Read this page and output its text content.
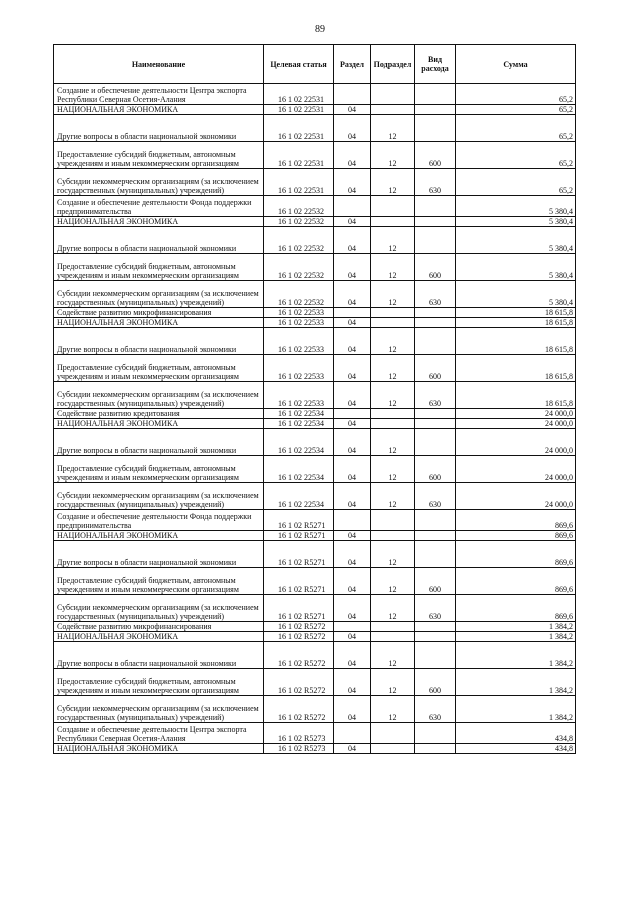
89
Наименование	Целевая статья	Раздел	Подраздел	Вид расхода	Сумма
Создание и обеспечение деятельности Центра экспорта Республики Северная Осетия-Алания	16 1 02 22531				65,2
НАЦИОНАЛЬНАЯ ЭКОНОМИКА	16 1 02 22531	04			65,2
Другие вопросы в области национальной экономики	16 1 02 22531	04	12		65,2
Предоставление субсидий бюджетным, автономным учреждениям и иным некоммерческим организациям	16 1 02 22531	04	12	600	65,2
Субсидии некоммерческим организациям (за исключением государственных (муниципальных) учреждений)	16 1 02 22531	04	12	630	65,2
Создание и обеспечение деятельности Фонда поддержки предпринимательства	16 1 02 22532				5 380,4
НАЦИОНАЛЬНАЯ ЭКОНОМИКА	16 1 02 22532	04			5 380,4
Другие вопросы в области национальной экономики	16 1 02 22532	04	12		5 380,4
Предоставление субсидий бюджетным, автономным учреждениям и иным некоммерческим организациям	16 1 02 22532	04	12	600	5 380,4
Субсидии некоммерческим организациям (за исключением государственных (муниципальных) учреждений)	16 1 02 22532	04	12	630	5 380,4
Содействие развитию микрофинансирования	16 1 02 22533				18 615,8
НАЦИОНАЛЬНАЯ ЭКОНОМИКА	16 1 02 22533	04			18 615,8
Другие вопросы в области национальной экономики	16 1 02 22533	04	12		18 615,8
Предоставление субсидий бюджетным, автономным учреждениям и иным некоммерческим организациям	16 1 02 22533	04	12	600	18 615,8
Субсидии некоммерческим организациям (за исключением государственных (муниципальных) учреждений)	16 1 02 22533	04	12	630	18 615,8
Содействие развитию кредитования	16 1 02 22534				24 000,0
НАЦИОНАЛЬНАЯ ЭКОНОМИКА	16 1 02 22534	04			24 000,0
Другие вопросы в области национальной экономики	16 1 02 22534	04	12		24 000,0
Предоставление субсидий бюджетным, автономным учреждениям и иным некоммерческим организациям	16 1 02 22534	04	12	600	24 000,0
Субсидии некоммерческим организациям (за исключением государственных (муниципальных) учреждений)	16 1 02 22534	04	12	630	24 000,0
Создание и обеспечение деятельности Фонда поддержки предпринимательства	16 1 02 R5271				869,6
НАЦИОНАЛЬНАЯ ЭКОНОМИКА	16 1 02 R5271	04			869,6
Другие вопросы в области национальной экономики	16 1 02 R5271	04	12		869,6
Предоставление субсидий бюджетным, автономным учреждениям и иным некоммерческим организациям	16 1 02 R5271	04	12	600	869,6
Субсидии некоммерческим организациям (за исключением государственных (муниципальных) учреждений)	16 1 02 R5271	04	12	630	869,6
Содействие развитию микрофинансирования	16 1 02 R5272				1 384,2
НАЦИОНАЛЬНАЯ ЭКОНОМИКА	16 1 02 R5272	04			1 384,2
Другие вопросы в области национальной экономики	16 1 02 R5272	04	12		1 384,2
Предоставление субсидий бюджетным, автономным учреждениям и иным некоммерческим организациям	16 1 02 R5272	04	12	600	1 384,2
Субсидии некоммерческим организациям (за исключением государственных (муниципальных) учреждений)	16 1 02 R5272	04	12	630	1 384,2
Создание и обеспечение деятельности Центра экспорта Республики Северная Осетия-Алания	16 1 02 R5273				434,8
НАЦИОНАЛЬНАЯ ЭКОНОМИКА	16 1 02 R5273	04			434,8
